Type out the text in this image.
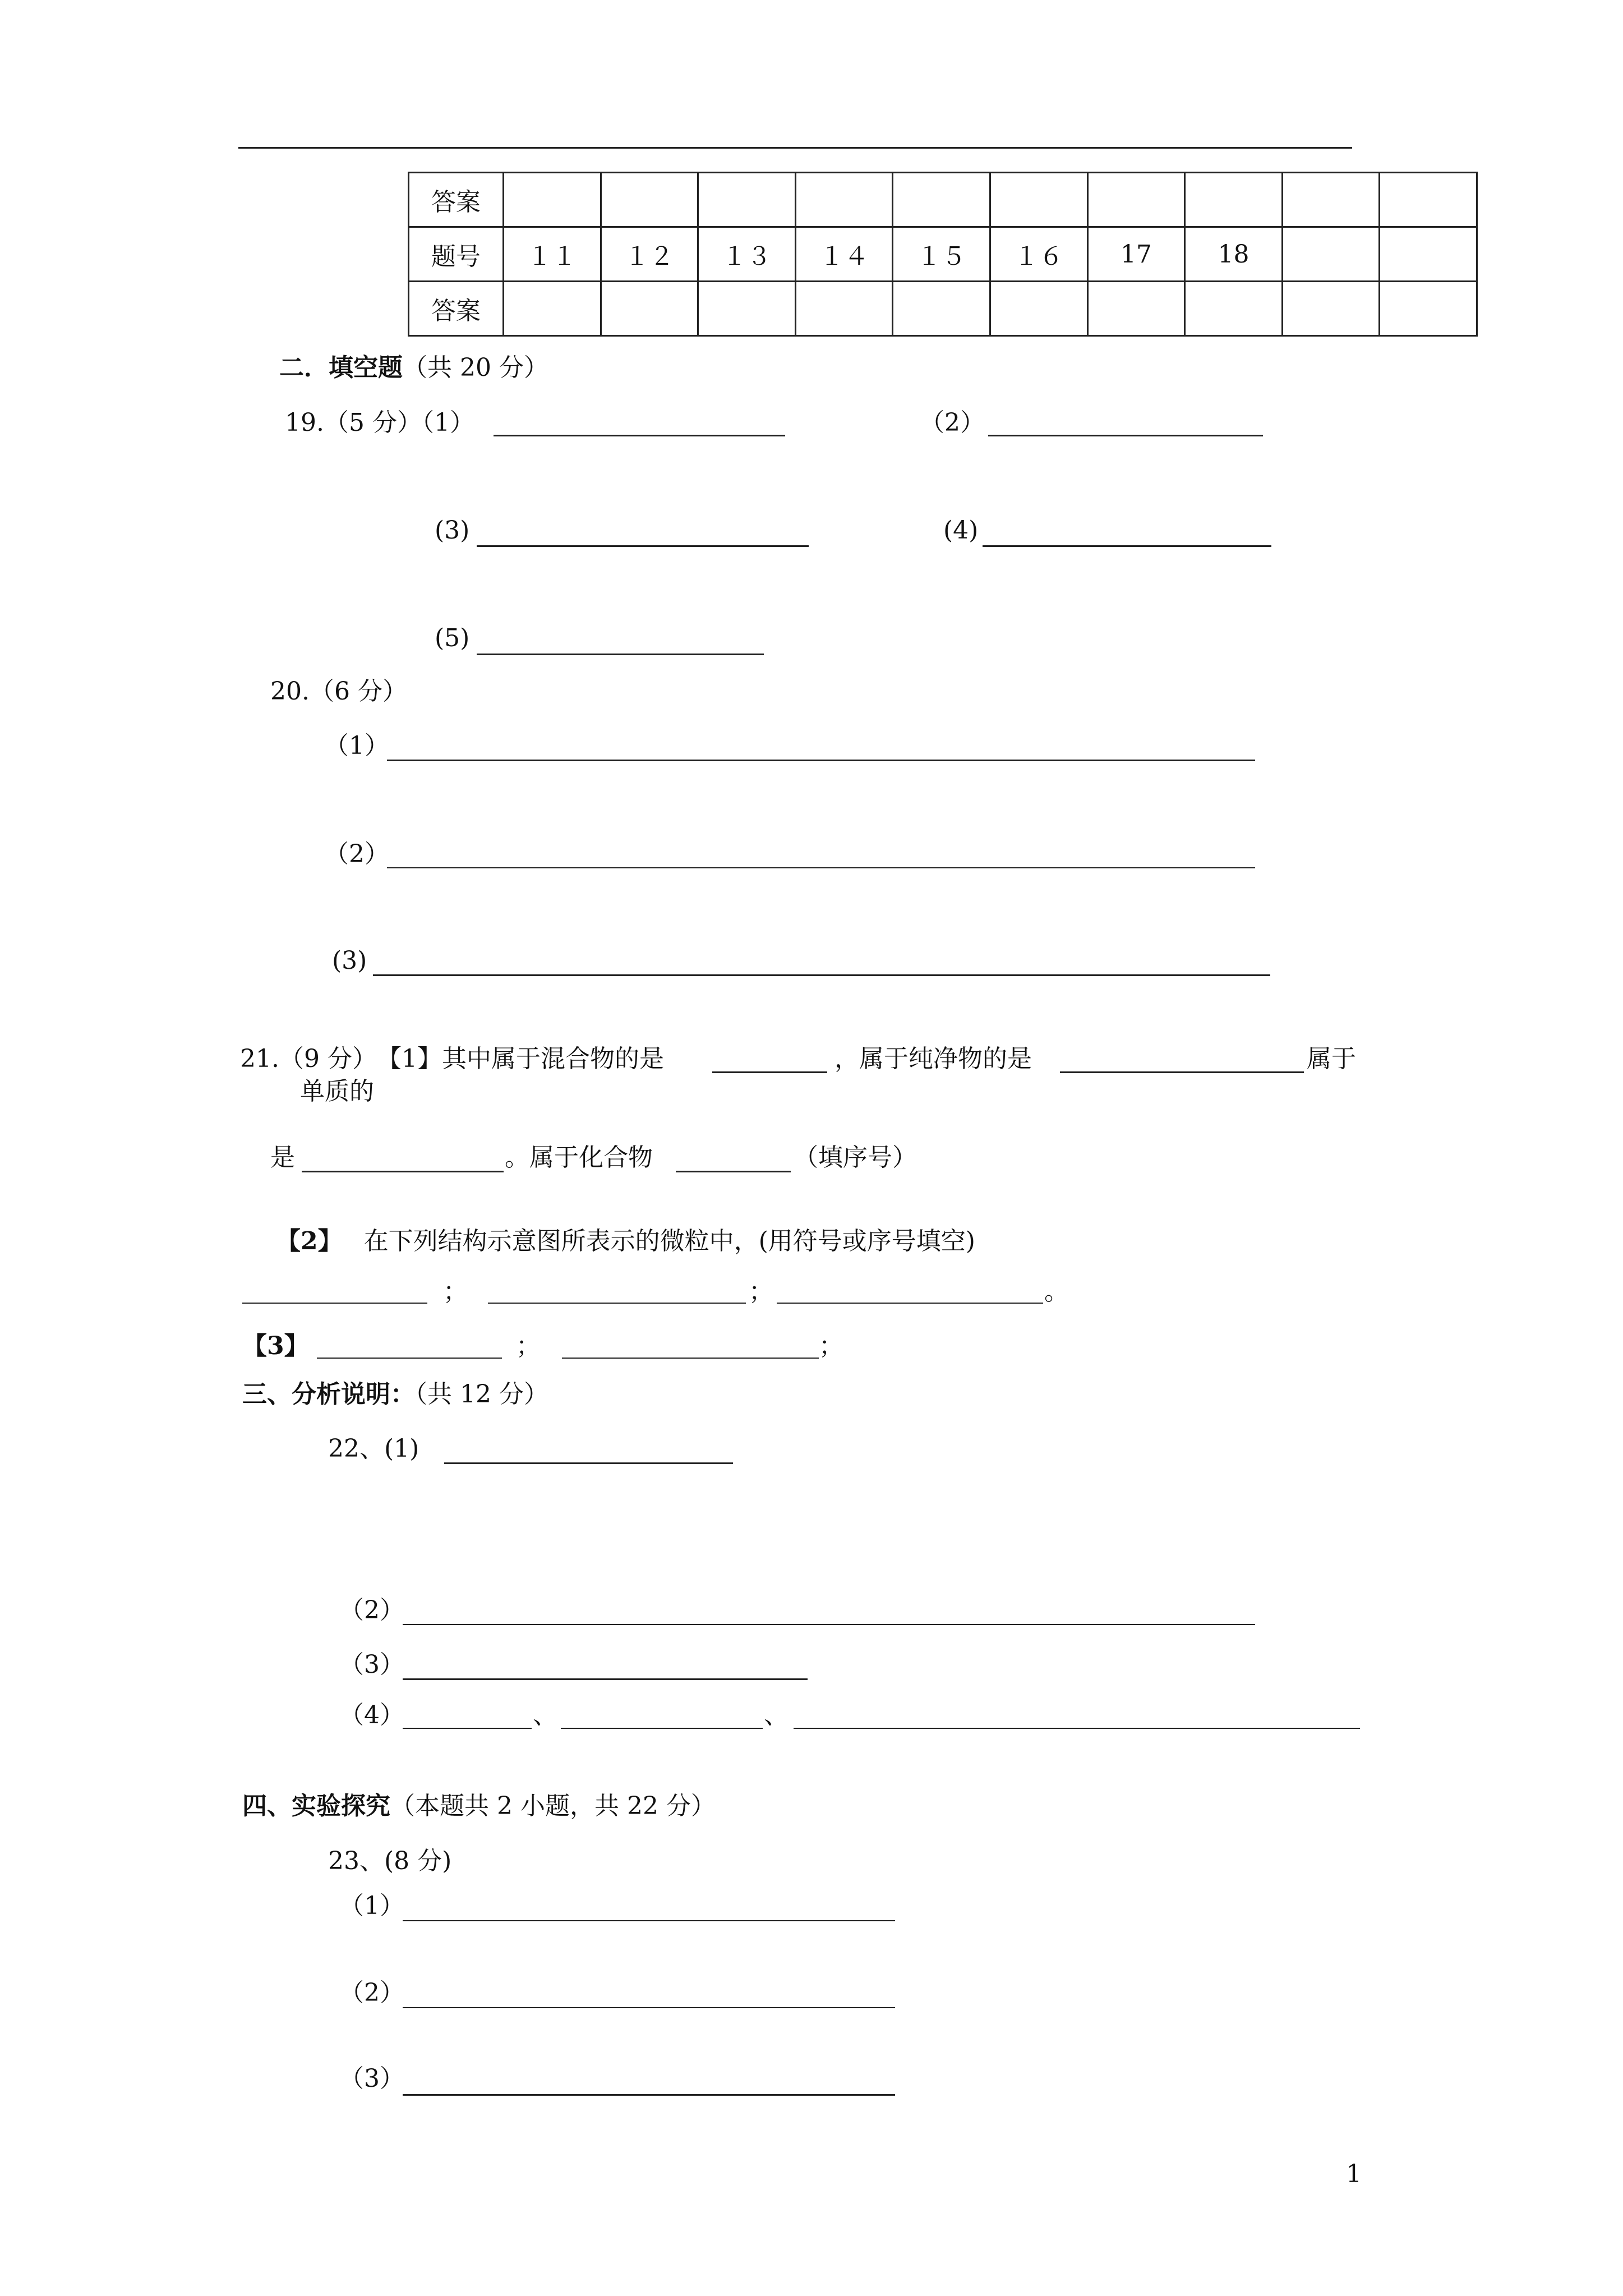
答案										
题号	１１	１２	１３	１４	１５	１６	17	18		
答案										
二．填空题（共 20 分）
19.（5 分）（1）	（2）
(3)	(4)
(5)
20.（6 分）
（1）
（2）
(3)
21.（9 分） 【1】其中属于混合物的是	，属于纯净物的是	属于
单质的
是	。属于化合物	（填序号）
【2】 在下列结构示意图所表示的微粒中，(用符号或序号填空)
；	；	。
【3】	；	；
三、分析说明：（共 12 分）
22、(1)
（2）
（3）
（4）	、	、
四、实验探究（本题共 2 小题，共 22 分）
23、(8 分)
（1）
（2）
（3）
1
